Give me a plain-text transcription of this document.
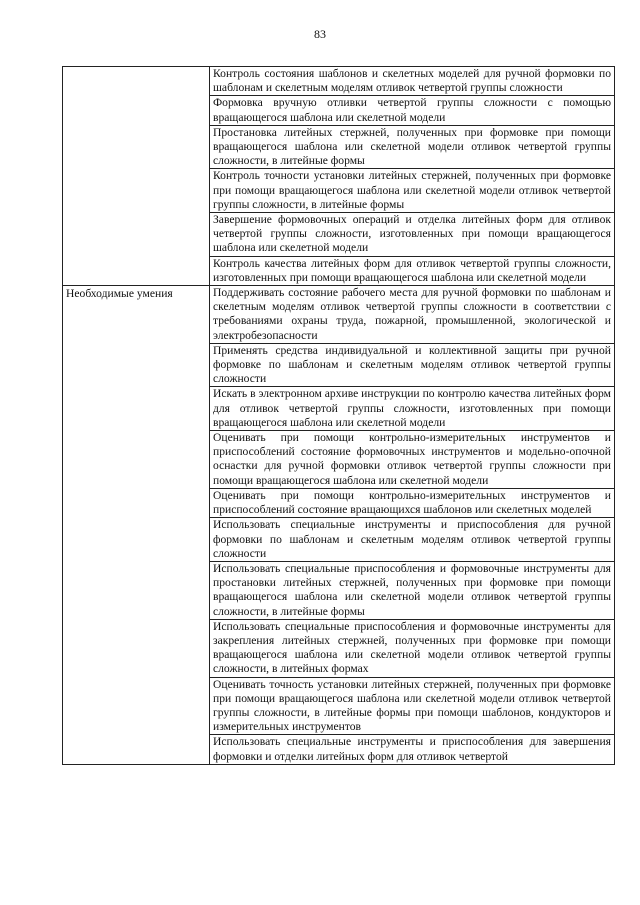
83
	Контроль состояния шаблонов и скелетных моделей для ручной формовки по шаблонам и скелетным моделям отливок четвертой группы сложности
	Формовка вручную отливки четвертой группы сложности с помощью вращающегося шаблона или скелетной модели
	Простановка литейных стержней, полученных при формовке при помощи вращающегося шаблона или скелетной модели отливок четвертой группы сложности, в литейные формы
	Контроль точности установки литейных стержней, полученных при формовке при помощи вращающегося шаблона или скелетной модели отливок четвертой группы сложности, в литейные формы
	Завершение формовочных операций и отделка литейных форм для отливок четвертой группы сложности, изготовленных при помощи вращающегося шаблона или скелетной модели
	Контроль качества литейных форм для отливок четвертой группы сложности, изготовленных при помощи вращающегося шаблона или скелетной модели

Необходимые умения	Поддерживать состояние рабочего места для ручной формовки по шаблонам и скелетным моделям отливок четвертой группы сложности в соответствии с требованиями охраны труда, пожарной, промышленной, экологической и электробезопасности
	Применять средства индивидуальной и коллективной защиты при ручной формовке по шаблонам и скелетным моделям отливок четвертой группы сложности
	Искать в электронном архиве инструкции по контролю качества литейных форм для отливок четвертой группы сложности, изготовленных при помощи вращающегося шаблона или скелетной модели
	Оценивать при помощи контрольно-измерительных инструментов и приспособлений состояние формовочных инструментов и модельно-опочной оснастки для ручной формовки отливок четвертой группы сложности при помощи вращающегося шаблона или скелетной модели
	Оценивать при помощи контрольно-измерительных инструментов и приспособлений состояние вращающихся шаблонов или скелетных моделей
	Использовать специальные инструменты и приспособления для ручной формовки по шаблонам и скелетным моделям отливок четвертой группы сложности
	Использовать специальные приспособления и формовочные инструменты для простановки литейных стержней, полученных при формовке при помощи вращающегося шаблона или скелетной модели отливок четвертой группы сложности, в литейные формы
	Использовать специальные приспособления и формовочные инструменты для закрепления литейных стержней, полученных при формовке при помощи вращающегося шаблона или скелетной модели отливок четвертой группы сложности, в литейных формах
	Оценивать точность установки литейных стержней, полученных при формовке при помощи вращающегося шаблона или скелетной модели отливок четвертой группы сложности, в литейные формы при помощи шаблонов, кондукторов и измерительных инструментов
	Использовать специальные инструменты и приспособления для завершения формовки и отделки литейных форм для отливок четвертой
